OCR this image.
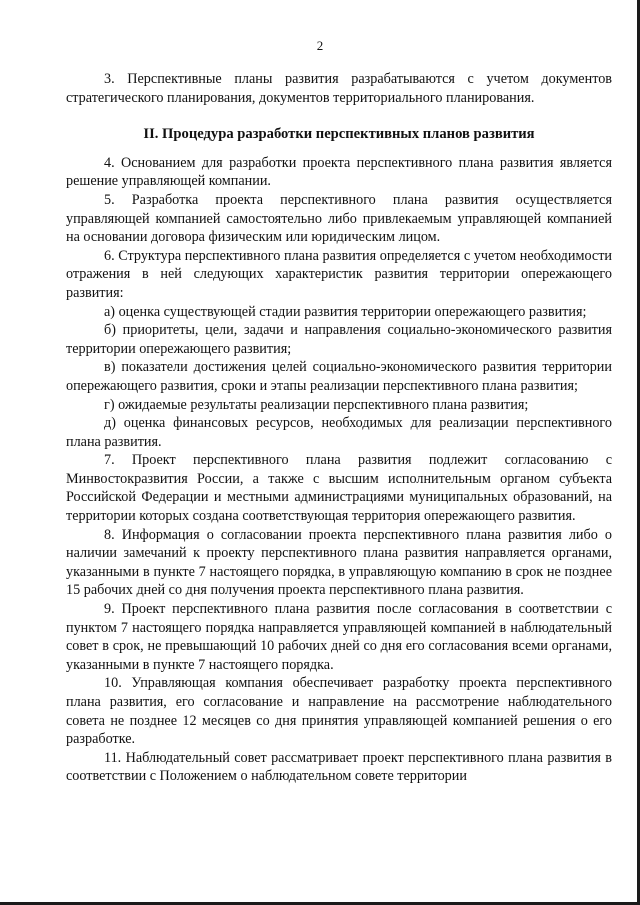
2

3. Перспективные планы развития разрабатываются с учетом документов стратегического планирования, документов территориального планирования.

II. Процедура разработки перспективных планов развития

4. Основанием для разработки проекта перспективного плана развития является решение управляющей компании.

5. Разработка проекта перспективного плана развития осуществляется управляющей компанией самостоятельно либо привлекаемым управляющей компанией на основании договора физическим или юридическим лицом.

6. Структура перспективного плана развития определяется с учетом необходимости отражения в ней следующих характеристик развития территории опережающего развития:

а) оценка существующей стадии развития территории опережающего развития;

б) приоритеты, цели, задачи и направления социально-экономического развития территории опережающего развития;

в) показатели достижения целей социально-экономического развития территории опережающего развития, сроки и этапы реализации перспективного плана развития;

г) ожидаемые результаты реализации перспективного плана развития;

д) оценка финансовых ресурсов, необходимых для реализации перспективного плана развития.

7. Проект перспективного плана развития подлежит согласованию с Минвостокразвития России, а также с высшим исполнительным органом субъекта Российской Федерации и местными администрациями муниципальных образований, на территории которых создана соответствующая территория опережающего развития.

8. Информация о согласовании проекта перспективного плана развития либо о наличии замечаний к проекту перспективного плана развития направляется органами, указанными в пункте 7 настоящего порядка, в управляющую компанию в срок не позднее 15 рабочих дней со дня получения проекта перспективного плана развития.

9. Проект перспективного плана развития после согласования в соответствии с пунктом 7 настоящего порядка направляется управляющей компанией в наблюдательный совет в срок, не превышающий 10 рабочих дней со дня его согласования всеми органами, указанными в пункте 7 настоящего порядка.

10. Управляющая компания обеспечивает разработку проекта перспективного плана развития, его согласование и направление на рассмотрение наблюдательного совета не позднее 12 месяцев со дня принятия управляющей компанией решения о его разработке.

11. Наблюдательный совет рассматривает проект перспективного плана развития в соответствии с Положением о наблюдательном совете территории
